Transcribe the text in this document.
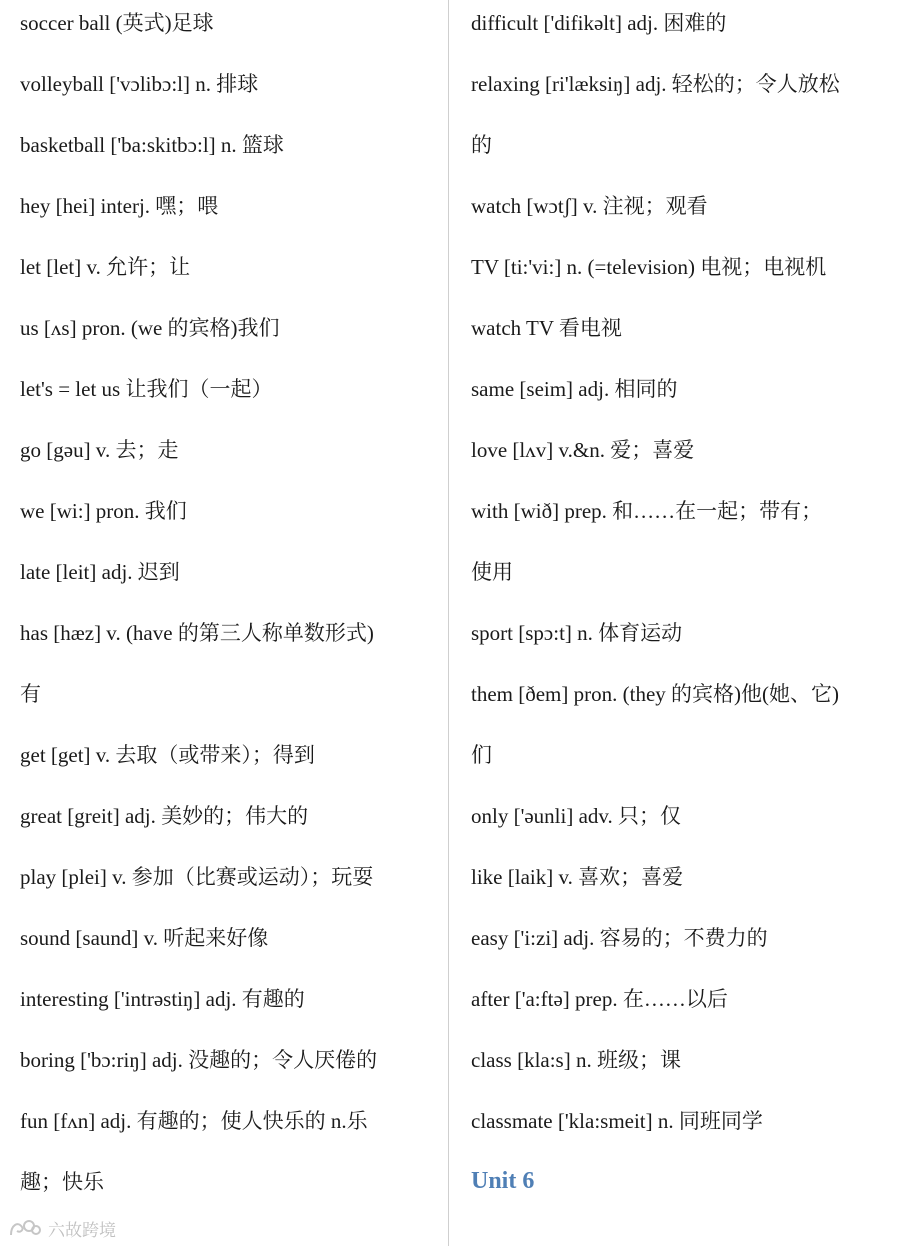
soccer ball (英式)足球
volleyball ['vɔlibɔ:l] n. 排球
basketball ['ba:skitbɔ:l] n. 篮球
hey [hei] interj. 嘿；喂
let [let] v. 允许；让
us [ʌs] pron. (we 的宾格)我们
let's = let us 让我们（一起）
go [gəu] v. 去；走
we [wi:] pron. 我们
late [leit] adj. 迟到
has [hæz] v. (have 的第三人称单数形式)
有
get [get] v. 去取（或带来）；得到
great [greit] adj. 美妙的；伟大的
play [plei] v. 参加（比赛或运动）；玩耍
sound [saund] v. 听起来好像
interesting ['intrəstiŋ] adj. 有趣的
boring ['bɔ:riŋ] adj. 没趣的；令人厌倦的
fun [fʌn] adj. 有趣的；使人快乐的 n.乐
趣；快乐	Unit 6
difficult ['difikəlt] adj. 困难的
relaxing [ri'læksiŋ] adj. 轻松的；令人放松
的
watch [wɔtʃ] v. 注视；观看
TV [ti:'vi:] n. (=television) 电视；电视机
watch TV 看电视
same [seim] adj. 相同的
love [lʌv] v.&n. 爱；喜爱
with [wið] prep. 和……在一起；带有；
使用
sport [spɔ:t] n. 体育运动
them [ðem] pron. (they 的宾格)他(她、它)
们
only ['əunli] adv. 只；仅
like [laik] v. 喜欢；喜爱
easy ['i:zi] adj. 容易的；不费力的
after ['a:ftə] prep. 在……以后
class [kla:s] n. 班级；课
classmate ['kla:smeit] n. 同班同学
六故跨境
